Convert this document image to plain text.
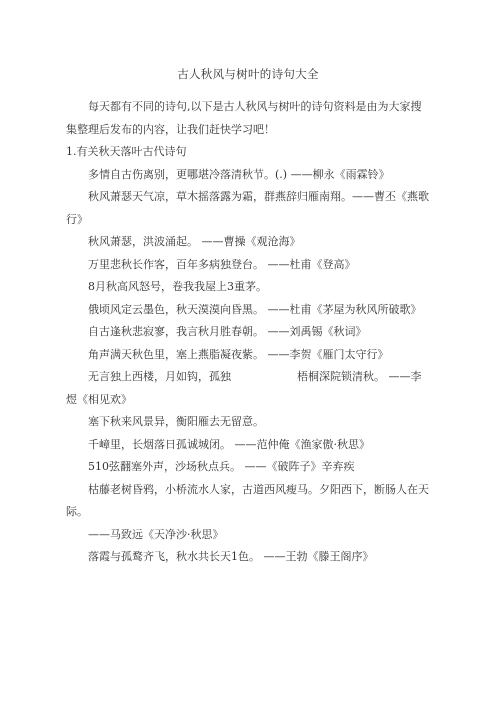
古人秋风与树叶的诗句大全

每天都有不同的诗句,以下是古人秋风与树叶的诗句资料是由为大家搜集整理后发布的内容，让我们赶快学习吧！

1.有关秋天落叶古代诗句

多情自古伤离别，更哪堪冷落清秋节。(.) ——柳永《雨霖铃》

秋风萧瑟天气凉，草木摇落露为霜，群燕辞归雁南翔。——曹丕《燕歌行》

秋风萧瑟，洪波涌起。 ——曹操《观沧海》

万里悲秋长作客，百年多病独登台。 ——杜甫《登高》

8月秋高风怒号，卷我我屋上3重茅。

俄顷风定云墨色，秋天漠漠向昏黑。 ——杜甫《茅屋为秋风所破歌》

自古逢秋悲寂寥，我言秋月胜春朝。 ——刘禹锡《秋词》

角声满天秋色里，塞上燕脂凝夜紫。 ——李贺《雁门太守行》

无言独上西楼，月如钩，孤独	梧桐深院锁清秋。 ——李煜《相见欢》

塞下秋来风景异，衡阳雁去无留意。

千嶂里，长烟落日孤诚城闭。 ——范仲俺《渔家傲·秋思》

510弦翻塞外声，沙场秋点兵。 ——《破阵子》辛弃疾

枯藤老树昏鸦，小桥流水人家，古道西风瘦马。夕阳西下，断肠人在天际。

——马致远《天净沙·秋思》

落霞与孤鹜齐飞，秋水共长天1色。 ——王勃《滕王阁序》
